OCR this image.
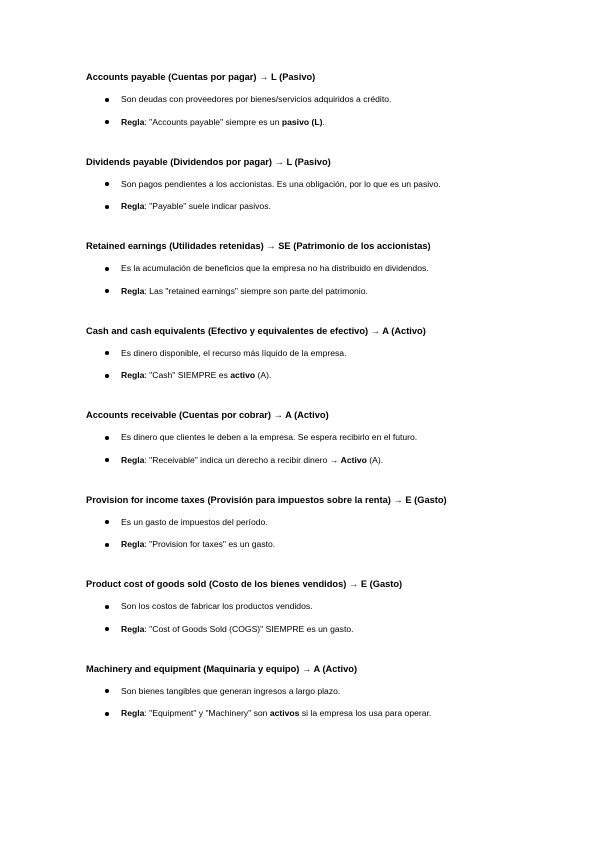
Accounts payable (Cuentas por pagar) → L (Pasivo)
Son deudas con proveedores por bienes/servicios adquiridos a crédito.
Regla: "Accounts payable" siempre es un pasivo (L).
Dividends payable (Dividendos por pagar) → L (Pasivo)
Son pagos pendientes a los accionistas. Es una obligación, por lo que es un pasivo.
Regla: "Payable" suele indicar pasivos.
Retained earnings (Utilidades retenidas) → SE (Patrimonio de los accionistas)
Es la acumulación de beneficios que la empresa no ha distribuido en dividendos.
Regla: Las "retained earnings" siempre son parte del patrimonio.
Cash and cash equivalents (Efectivo y equivalentes de efectivo) → A (Activo)
Es dinero disponible, el recurso más líquido de la empresa.
Regla: "Cash" SIEMPRE es activo (A).
Accounts receivable (Cuentas por cobrar) → A (Activo)
Es dinero que clientes le deben a la empresa. Se espera recibirlo en el futuro.
Regla: "Receivable" indica un derecho a recibir dinero → Activo (A).
Provision for income taxes (Provisión para impuestos sobre la renta) → E (Gasto)
Es un gasto de impuestos del período.
Regla: "Provision for taxes" es un gasto.
Product cost of goods sold (Costo de los bienes vendidos) → E (Gasto)
Son los costos de fabricar los productos vendidos.
Regla: "Cost of Goods Sold (COGS)" SIEMPRE es un gasto.
Machinery and equipment (Maquinaria y equipo) → A (Activo)
Son bienes tangibles que generan ingresos a largo plazo.
Regla: "Equipment" y "Machinery" son activos si la empresa los usa para operar.
